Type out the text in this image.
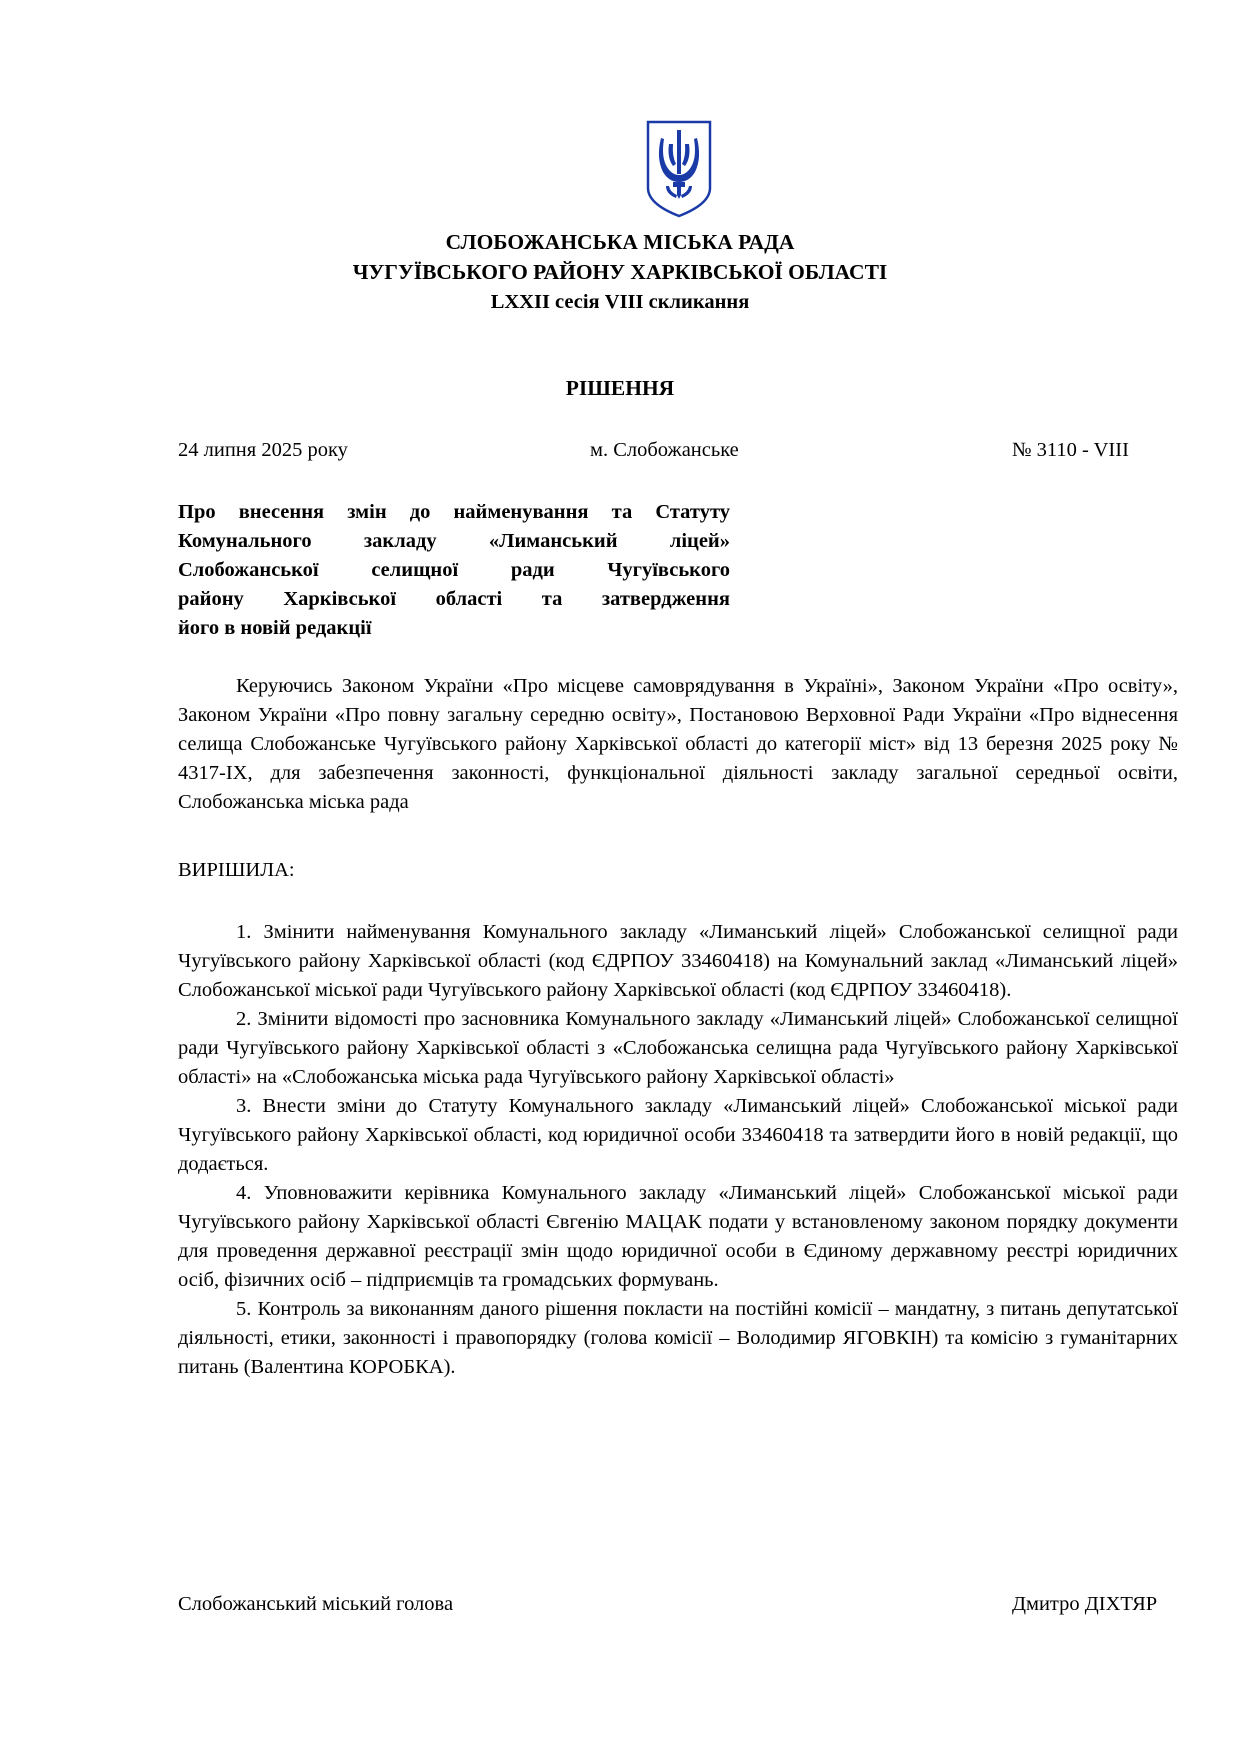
СЛОБОЖАНСЬКА МІСЬКА РАДА
ЧУГУЇВСЬКОГО РАЙОНУ ХАРКІВСЬКОЇ ОБЛАСТІ
LXXII сесія VIII скликання
РІШЕННЯ
24 липня 2025 року	м. Слобожанське	№ 3110 - VIII
Про внесення змін до найменування та Статуту
Комунального закладу «Лиманський ліцей»
Слобожанської селищної ради Чугуївського
району Харківської області та затвердження
його в новій редакції

Керуючись Законом України «Про місцеве самоврядування в Україні», Законом України «Про освіту», Законом України «Про повну загальну середню освіту», Постановою Верховної Ради України «Про віднесення селища Слобожанське Чугуївського району Харківської області до категорії міст» від 13 березня 2025 року № 4317-IX, для забезпечення законності, функціональної діяльності закладу загальної середньої освіти, Слобожанська міська рада

ВИРІШИЛА:

1. Змінити найменування Комунального закладу «Лиманський ліцей» Слобожанської селищної ради Чугуївського району Харківської області (код ЄДРПОУ 33460418) на Комунальний заклад «Лиманський ліцей» Слобожанської міської ради Чугуївського району Харківської області (код ЄДРПОУ 33460418).

2. Змінити відомості про засновника Комунального закладу «Лиманський ліцей» Слобожанської селищної ради Чугуївського району Харківської області з «Слобожанська селищна рада Чугуївського району Харківської області» на «Слобожанська міська рада Чугуївського району Харківської області»

3. Внести зміни до Статуту Комунального закладу «Лиманський ліцей» Слобожанської міської ради Чугуївського району Харківської області, код юридичної особи 33460418 та затвердити його в новій редакції, що додається.

4. Уповноважити керівника Комунального закладу «Лиманський ліцей» Слобожанської міської ради Чугуївського району Харківської області Євгенію МАЦАК подати у встановленому законом порядку документи для проведення державної реєстрації змін щодо юридичної особи в Єдиному державному реєстрі юридичних осіб, фізичних осіб – підприємців та громадських формувань.

5. Контроль за виконанням даного рішення покласти на постійні комісії – мандатну, з питань депутатської діяльності, етики, законності і правопорядку (голова комісії – Володимир ЯГОВКІН) та комісію з гуманітарних питань (Валентина КОРОБКА).

Слобожанський міський голова	Дмитро ДІХТЯР
